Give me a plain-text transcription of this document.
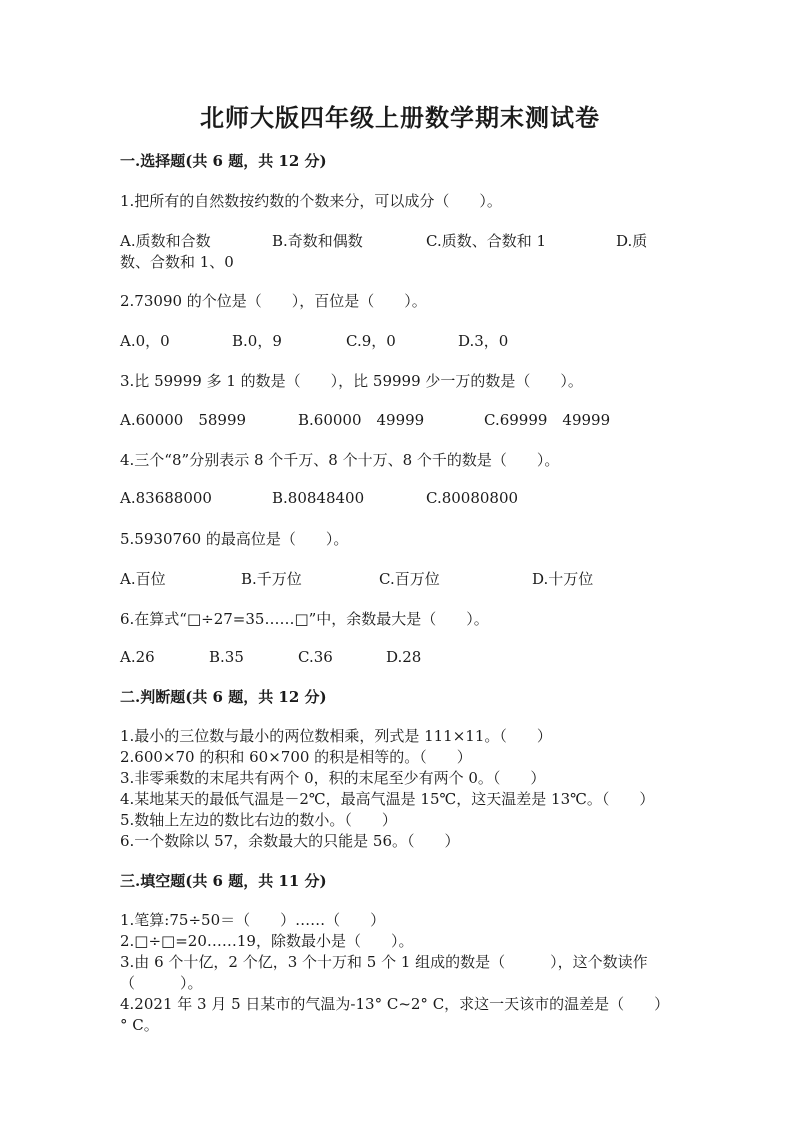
北师大版四年级上册数学期末测试卷
一.选择题(共 6 题，共 12 分)
1.把所有的自然数按约数的个数来分，可以成分（　　）。
A.质数和合数	B.奇数和偶数	C.质数、合数和 1	D.质
数、合数和 1、0
2.73090 的个位是（　　），百位是（　　）。
A.0，0	B.0，9	C.9，0	D.3，0
3.比 59999 多 1 的数是（　　），比 59999 少一万的数是（　　）。
A.60000　58999	B.60000　49999	C.69999　49999
4.三个“8”分别表示 8 个千万、8 个十万、8 个千的数是（　　）。
A.83688000	B.80848400	C.80080800
5.5930760 的最高位是（　　）。
A.百位	B.千万位	C.百万位	D.十万位
6.在算式“□÷27=35……□”中，余数最大是（　　）。
A.26	B.35	C.36	D.28
二.判断题(共 6 题，共 12 分)
1.最小的三位数与最小的两位数相乘，列式是 111×11。（　　）
2.600×70 的积和 60×700 的积是相等的。（　　）
3.非零乘数的末尾共有两个 0，积的末尾至少有两个 0。（　　）
4.某地某天的最低气温是－2℃，最高气温是 15℃，这天温差是 13℃。（　　）
5.数轴上左边的数比右边的数小。（　　）
6.一个数除以 57，余数最大的只能是 56。（　　）
三.填空题(共 6 题，共 11 分)
1.笔算:75÷50＝（　　）……（　　）
2.□÷□=20……19，除数最小是（　　）。
3.由 6 个十亿，2 个亿，3 个十万和 5 个 1 组成的数是（　　　），这个数读作
（　　　）。
4.2021 年 3 月 5 日某市的气温为-13° C~2° C，求这一天该市的温差是（　　）
° C。
